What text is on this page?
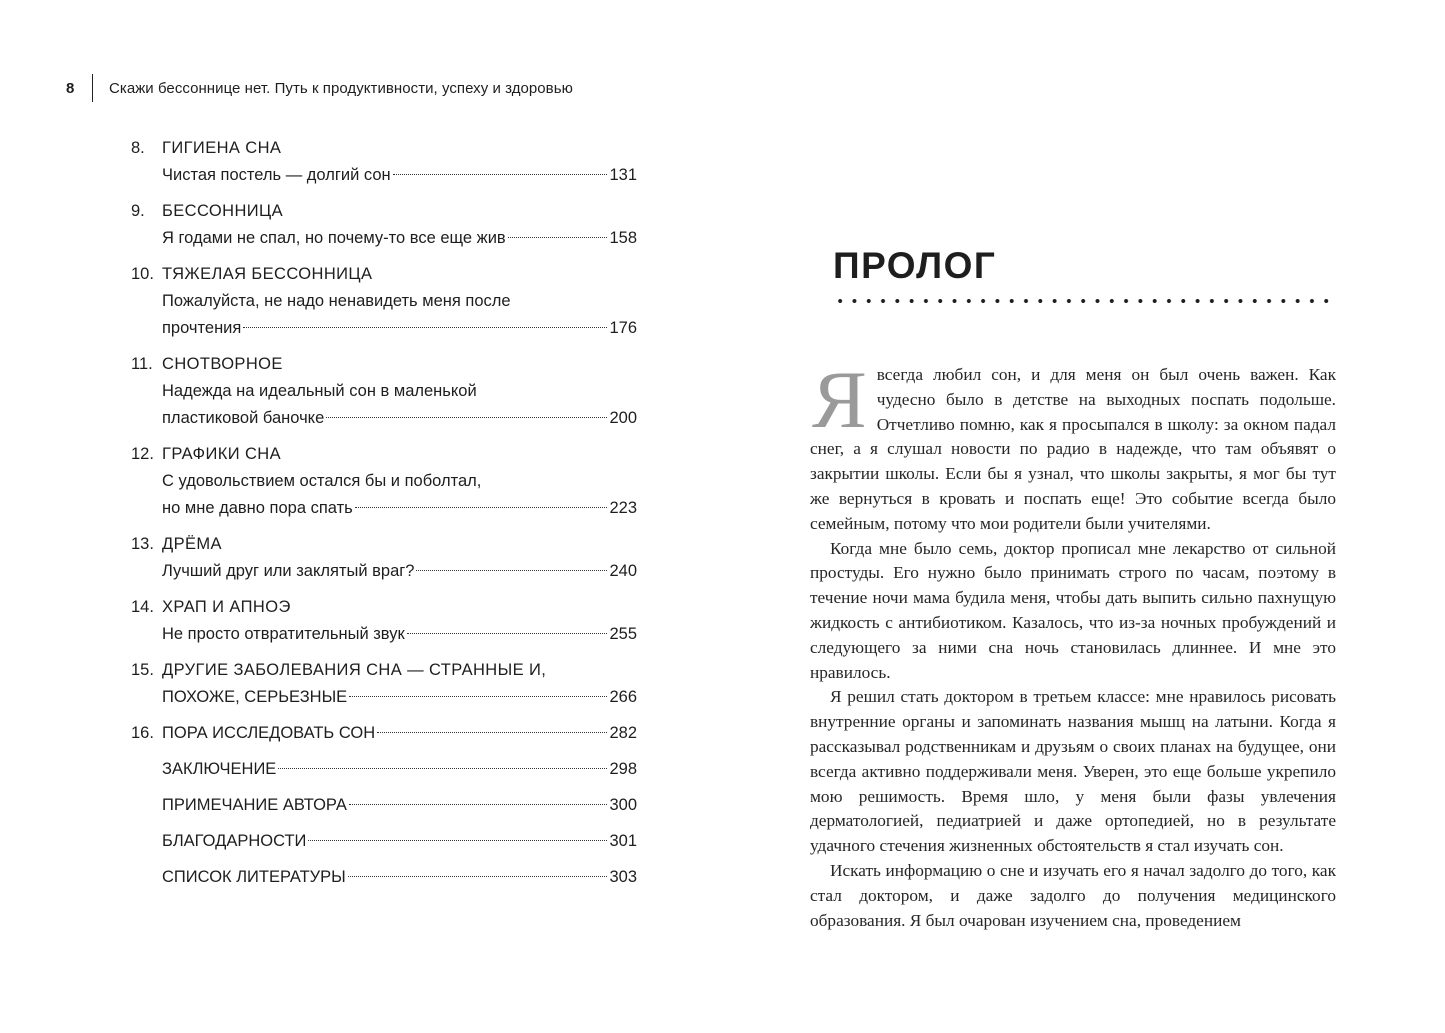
8	Скажи бессоннице нет. Путь к продуктивности, успеху и здоровью
8.	ГИГИЕНА СНА
Чистая постель — долгий сон	131
9.	БЕССОННИЦА
Я годами не спал, но почему-то все еще жив	158
10. ТЯЖЕЛАЯ БЕССОННИЦА
Пожалуйста, не надо ненавидеть меня после
прочтения	176
11. СНОТВОРНОЕ
Надежда на идеальный сон в маленькой
пластиковой баночке	200
12. ГРАФИКИ СНА
С удовольствием остался бы и поболтал,
но мне давно пора спать	223
13. ДРЁМА
Лучший друг или заклятый враг?	240
14. ХРАП И АПНОЭ
Не просто отвратительный звук	255
15. ДРУГИЕ ЗАБОЛЕВАНИЯ СНА — СТРАННЫЕ И,
ПОХОЖЕ, СЕРЬЕЗНЫЕ	266
16. ПОРА ИССЛЕДОВАТЬ СОН	282
ЗАКЛЮЧЕНИЕ	298
ПРИМЕЧАНИЕ АВТОРА	300
БЛАГОДАРНОСТИ	301
СПИСОК ЛИТЕРАТУРЫ	303
ПРОЛОГ

Я всегда любил сон, и для меня он был очень важен. Как чудесно было в детстве на выходных поспать подольше. Отчетливо помню, как я просыпался в школу: за окном падал снег, а я слушал новости по радио в надежде, что там объявят о закрытии школы. Если бы я узнал, что школы закрыты, я мог бы тут же вернуться в кровать и поспать еще! Это событие всегда было семейным, потому что мои родители были учителями.

Когда мне было семь, доктор прописал мне лекарство от сильной простуды. Его нужно было принимать строго по часам, поэтому в течение ночи мама будила меня, чтобы дать выпить сильно пахнущую жидкость с антибиотиком. Казалось, что из-за ночных пробуждений и следующего за ними сна ночь становилась длиннее. И мне это нравилось.

Я решил стать доктором в третьем классе: мне нравилось рисовать внутренние органы и запоминать названия мышц на латыни. Когда я рассказывал родственникам и друзьям о своих планах на будущее, они всегда активно поддерживали меня. Уверен, это еще больше укрепило мою решимость. Время шло, у меня были фазы увлечения дерматологией, педиатрией и даже ортопедией, но в результате удачного стечения жизненных обстоятельств я стал изучать сон.

Искать информацию о сне и изучать его я начал задолго до того, как стал доктором, и даже задолго до получения медицинского образования. Я был очарован изучением сна, проведением
